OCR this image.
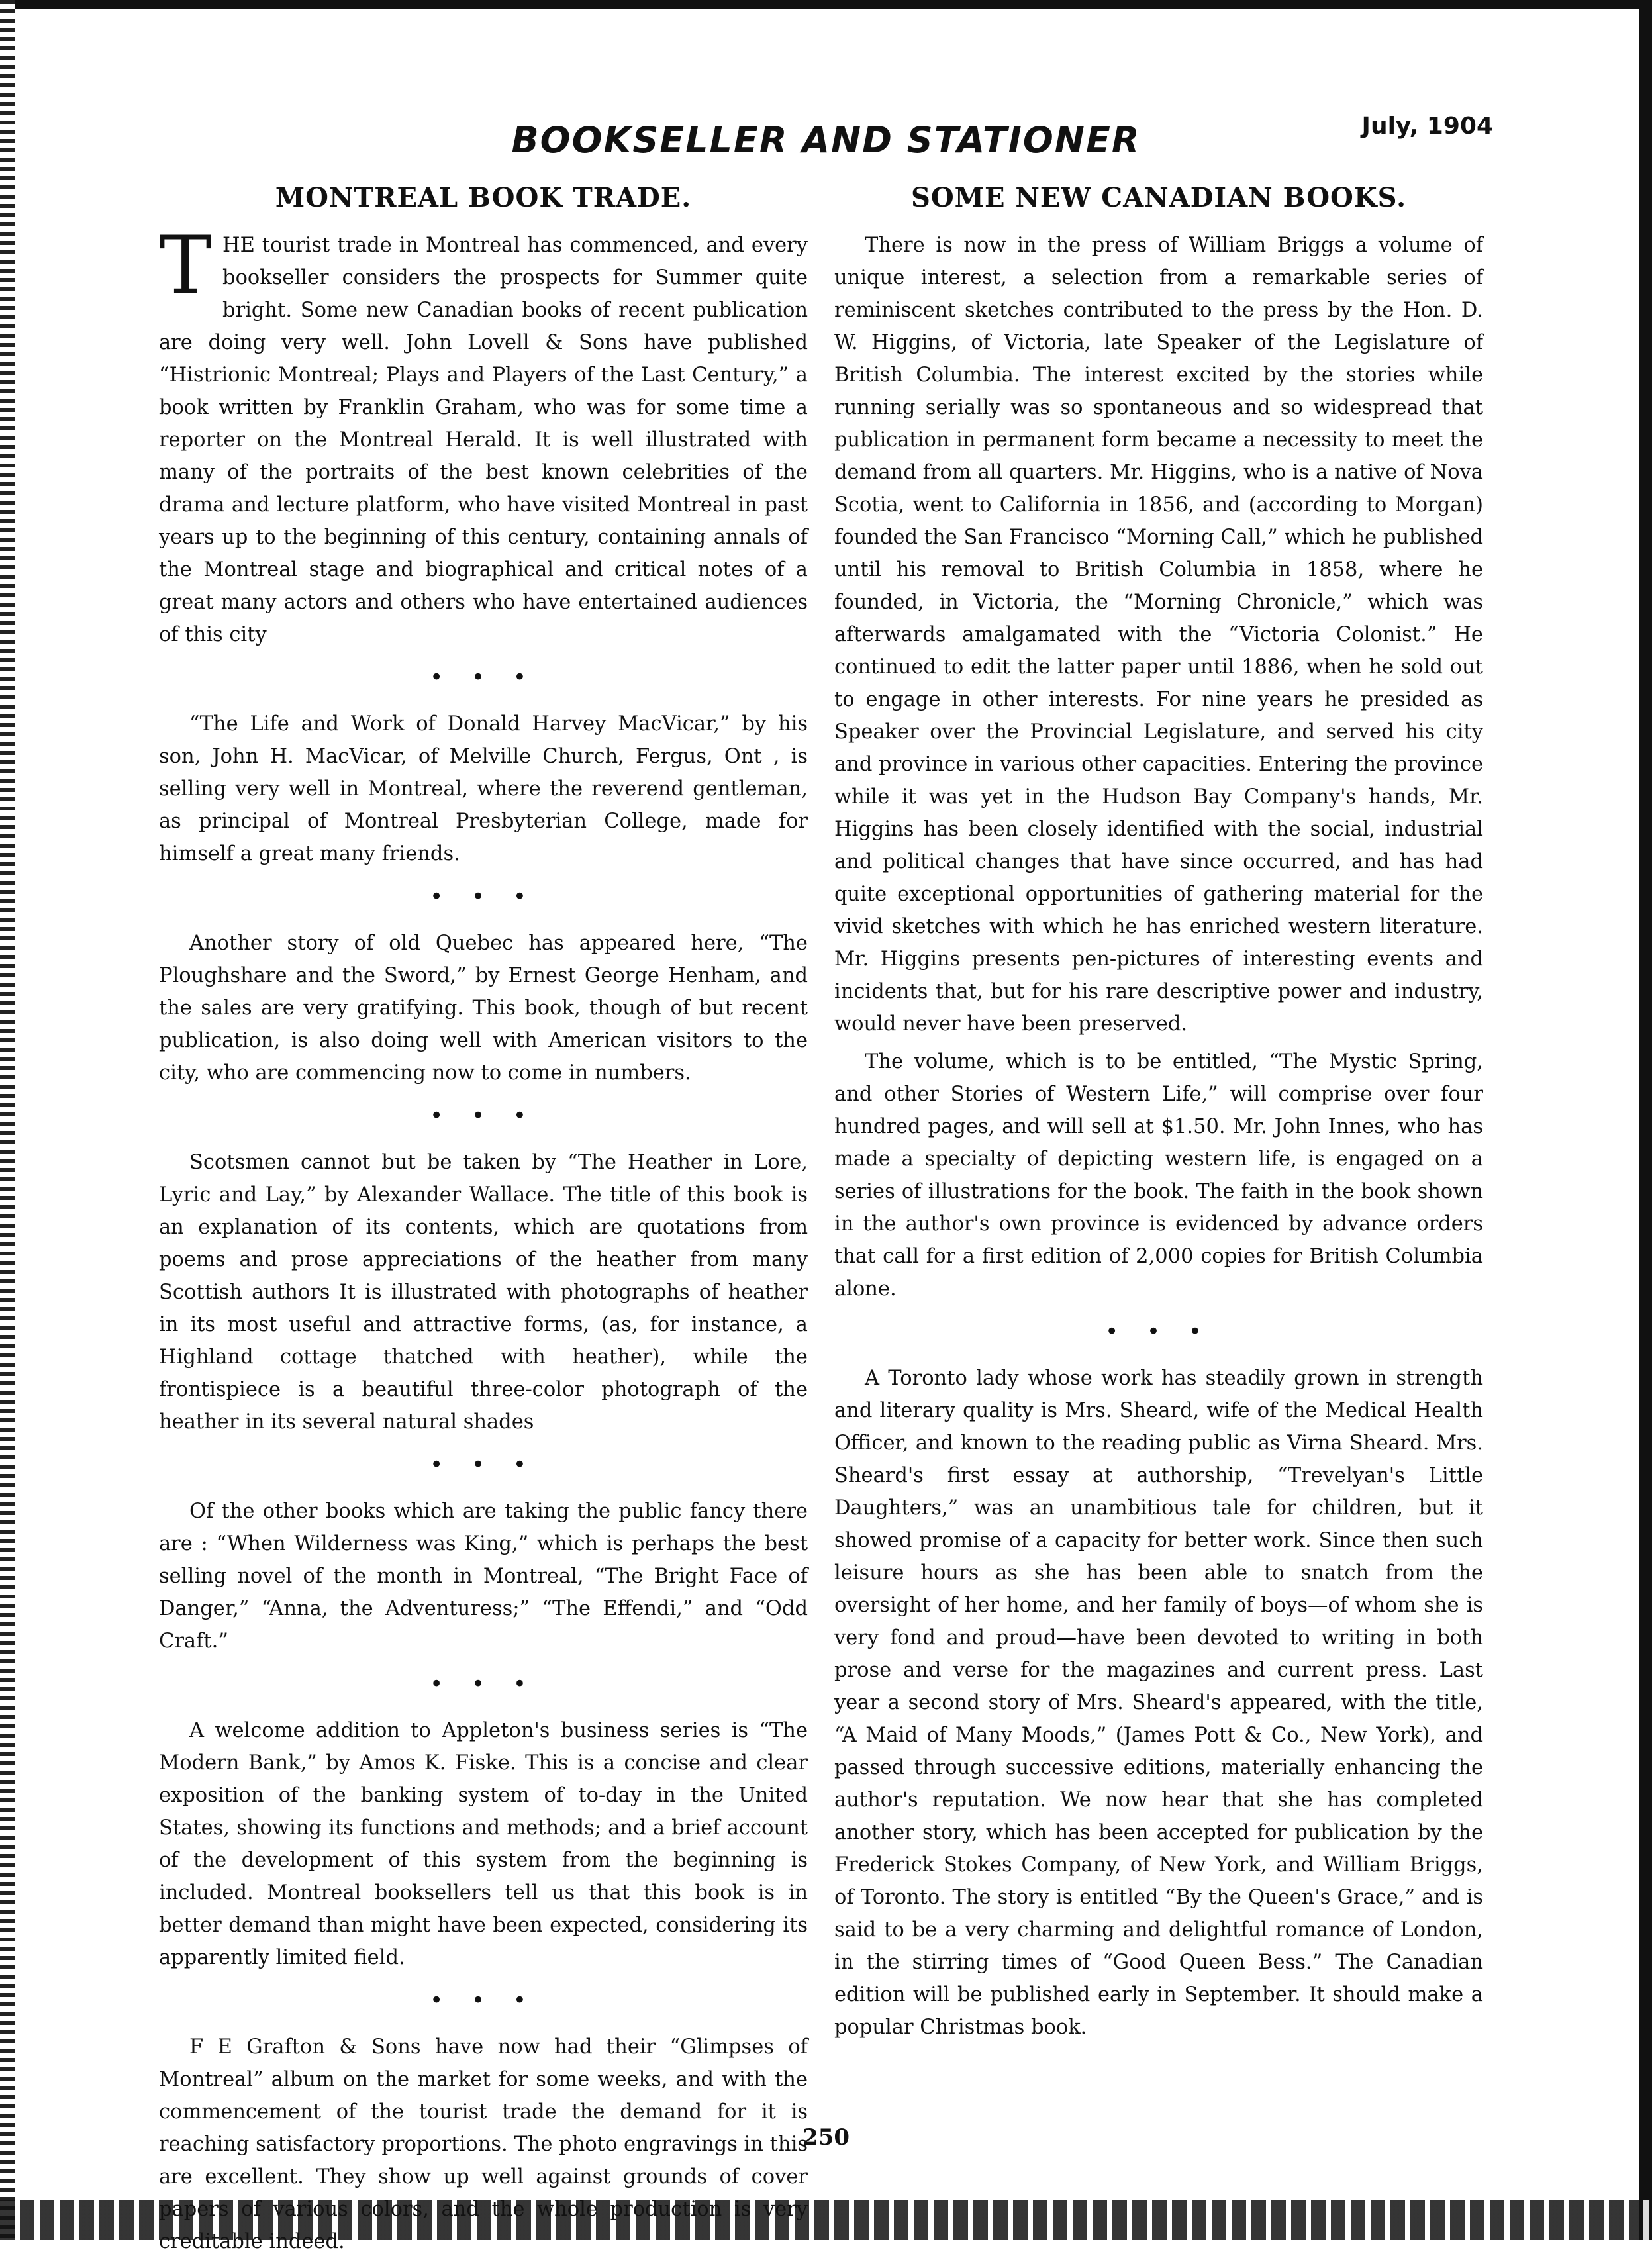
BOOKSELLER AND STATIONER	July, 1904
MONTREAL BOOK TRADE.

THE tourist trade in Montreal has commenced, and every bookseller considers the prospects for Summer quite bright. Some new Canadian books of recent publication are doing very well. John Lovell & Sons have published “Histrionic Montreal; Plays and Players of the Last Century,” a book written by Franklin Graham, who was for some time a reporter on the Montreal Herald. It is well illustrated with many of the portraits of the best known celebrities of the drama and lecture platform, who have visited Montreal in past years up to the beginning of this century, containing annals of the Montreal stage and biographical and critical notes of a great many actors and others who have entertained audiences of this city

• • •

“The Life and Work of Donald Harvey MacVicar,” by his son, John H. MacVicar, of Melville Church, Fergus, Ont , is selling very well in Montreal, where the reverend gentleman, as principal of Montreal Presbyterian College, made for himself a great many friends.

• • •

Another story of old Quebec has appeared here, “The Ploughshare and the Sword,” by Ernest George Henham, and the sales are very gratifying. This book, though of but recent publication, is also doing well with American visitors to the city, who are commencing now to come in numbers.

• • •

Scotsmen cannot but be taken by “The Heather in Lore, Lyric and Lay,” by Alexander Wallace. The title of this book is an explanation of its contents, which are quotations from poems and prose appreciations of the heather from many Scottish authors It is illustrated with photographs of heather in its most useful and attractive forms, (as, for instance, a Highland cottage thatched with heather), while the frontispiece is a beautiful three-color photograph of the heather in its several natural shades

• • •

Of the other books which are taking the public fancy there are : “When Wilderness was King,” which is perhaps the best selling novel of the month in Montreal, “The Bright Face of Danger,” “Anna, the Adventuress;” “The Effendi,” and “Odd Craft.”

• • •

A welcome addition to Appleton's business series is “The Modern Bank,” by Amos K. Fiske. This is a concise and clear exposition of the banking system of to-day in the United States, showing its functions and methods; and a brief account of the development of this system from the beginning is included. Montreal booksellers tell us that this book is in better demand than might have been expected, considering its apparently limited field.

• • •

F E Grafton & Sons have now had their “Glimpses of Montreal” album on the market for some weeks, and with the commencement of the tourist trade the demand for it is reaching satisfactory proportions. The photo engravings in this are excellent. They show up well against grounds of cover papers of various colors, and the whole production is very creditable indeed.

SOME NEW CANADIAN BOOKS.

There is now in the press of William Briggs a volume of unique interest, a selection from a remarkable series of reminiscent sketches contributed to the press by the Hon. D. W. Higgins, of Victoria, late Speaker of the Legislature of British Columbia. The interest excited by the stories while running serially was so spontaneous and so widespread that publication in permanent form became a necessity to meet the demand from all quarters. Mr. Higgins, who is a native of Nova Scotia, went to California in 1856, and (according to Morgan) founded the San Francisco “Morning Call,” which he published until his removal to British Columbia in 1858, where he founded, in Victoria, the “Morning Chronicle,” which was afterwards amalgamated with the “Victoria Colonist.” He continued to edit the latter paper until 1886, when he sold out to engage in other interests. For nine years he presided as Speaker over the Provincial Legislature, and served his city and province in various other capacities. Entering the province while it was yet in the Hudson Bay Company's hands, Mr. Higgins has been closely identified with the social, industrial and political changes that have since occurred, and has had quite exceptional opportunities of gathering material for the vivid sketches with which he has enriched western literature. Mr. Higgins presents pen-pictures of interesting events and incidents that, but for his rare descriptive power and industry, would never have been preserved.

The volume, which is to be entitled, “The Mystic Spring, and other Stories of Western Life,” will comprise over four hundred pages, and will sell at $1.50. Mr. John Innes, who has made a specialty of depicting western life, is engaged on a series of illustrations for the book. The faith in the book shown in the author's own province is evidenced by advance orders that call for a first edition of 2,000 copies for British Columbia alone.

• • •

A Toronto lady whose work has steadily grown in strength and literary quality is Mrs. Sheard, wife of the Medical Health Officer, and known to the reading public as Virna Sheard. Mrs. Sheard's first essay at authorship, “Trevelyan's Little Daughters,” was an unambitious tale for children, but it showed promise of a capacity for better work. Since then such leisure hours as she has been able to snatch from the oversight of her home, and her family of boys—of whom she is very fond and proud—have been devoted to writing in both prose and verse for the magazines and current press. Last year a second story of Mrs. Sheard's appeared, with the title, “A Maid of Many Moods,” (James Pott & Co., New York), and passed through successive editions, materially enhancing the author's reputation. We now hear that she has completed another story, which has been accepted for publication by the Frederick Stokes Company, of New York, and William Briggs, of Toronto. The story is entitled “By the Queen's Grace,” and is said to be a very charming and delightful romance of London, in the stirring times of “Good Queen Bess.” The Canadian edition will be published early in September. It should make a popular Christmas book.

250
